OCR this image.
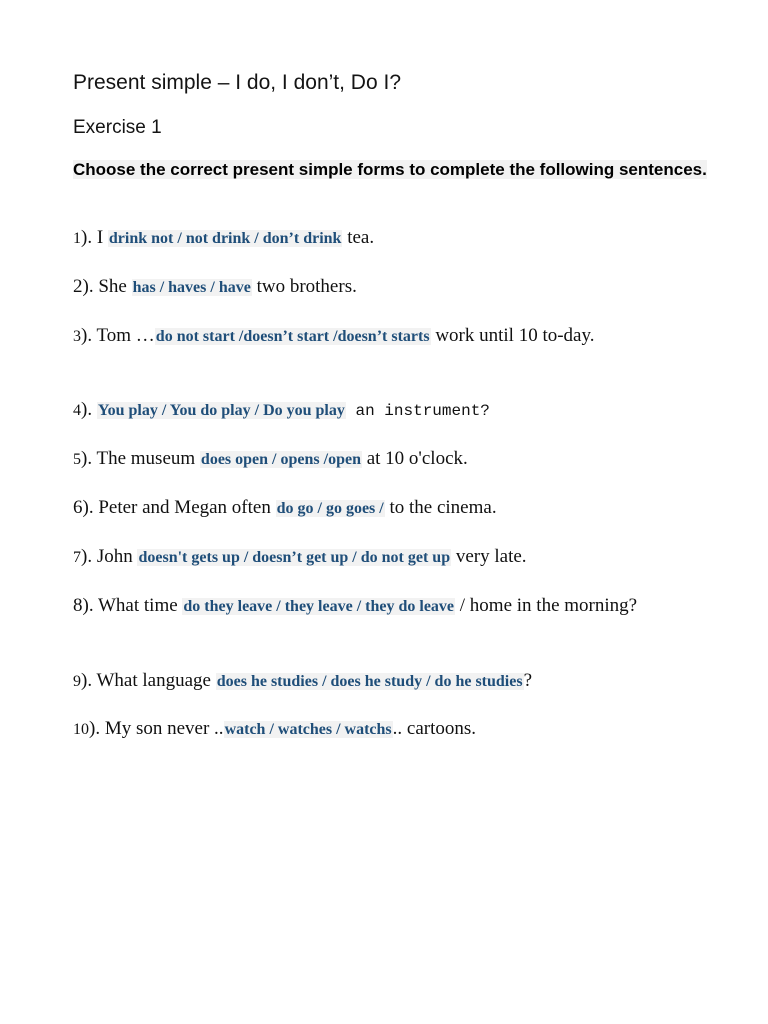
Present simple – I do, I don’t, Do I?
Exercise 1
Choose the correct present simple forms to complete the following sentences.
1). I drink not / not drink / don’t drink tea.
2). She has / haves / have two brothers.
3). Tom …do not start /doesn’t start /doesn’t starts work until 10 to-day.
4). You play / You do play / Do you play an instrument?
5). The museum does open / opens /open at 10 o'clock.
6). Peter and Megan often do go / go goes / to the cinema.
7). John doesn't gets up / doesn’t get up / do not get up very late.
8). What time do they leave / they leave / they do leave / home in the morning?
9). What language does he studies / does he study / do he studies?
10). My son never ..watch / watches / watchs.. cartoons.
